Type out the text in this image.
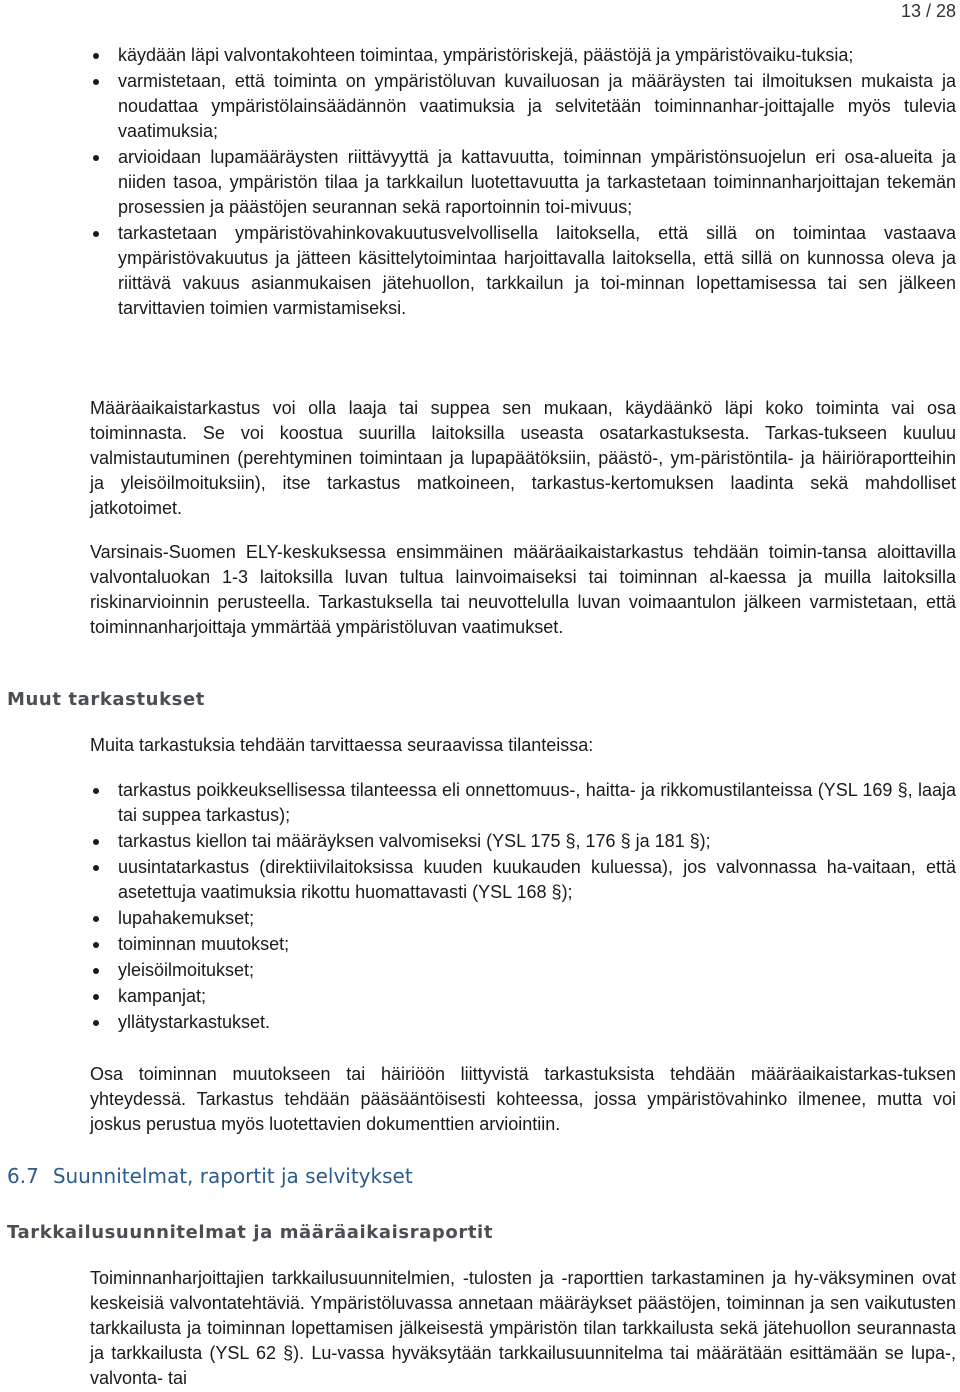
13 / 28
käydään läpi valvontakohteen toimintaa, ympäristöriskejä, päästöjä ja ympäristövaiku-tuksia;
varmistetaan, että toiminta on ympäristöluvan kuvailuosan ja määräysten tai ilmoituksen mukaista ja noudattaa ympäristölainsäädännön vaatimuksia ja selvitetään toiminnanhar-joittajalle myös tulevia vaatimuksia;
arvioidaan lupamääräysten riittävyyttä ja kattavuutta, toiminnan ympäristönsuojelun eri osa-alueita ja niiden tasoa, ympäristön tilaa ja tarkkailun luotettavuutta ja tarkastetaan toiminnanharjoittajan tekemän prosessien ja päästöjen seurannan sekä raportoinnin toi-mivuus;
tarkastetaan ympäristövahinkovakuutusvelvollisella laitoksella, että sillä on toimintaa vastaava ympäristövakuutus ja jätteen käsittelytoimintaa harjoittavalla laitoksella, että sillä on kunnossa oleva ja riittävä vakuus asianmukaisen jätehuollon, tarkkailun ja toi-minnan lopettamisessa tai sen jälkeen tarvittavien toimien varmistamiseksi.

Määräaikaistarkastus voi olla laaja tai suppea sen mukaan, käydäänkö läpi koko toiminta vai osa toiminnasta. Se voi koostua suurilla laitoksilla useasta osatarkastuksesta. Tarkas-tukseen kuuluu valmistautuminen (perehtyminen toimintaan ja lupapäätöksiin, päästö-, ym-päristöntila- ja häiriöraportteihin ja yleisöilmoituksiin), itse tarkastus matkoineen, tarkastus-kertomuksen laadinta sekä mahdolliset jatkotoimet.

Varsinais-Suomen ELY-keskuksessa ensimmäinen määräaikaistarkastus tehdään toimin-tansa aloittavilla valvontaluokan 1-3 laitoksilla luvan tultua lainvoimaiseksi tai toiminnan al-kaessa ja muilla laitoksilla riskinarvioinnin perusteella. Tarkastuksella tai neuvottelulla luvan voimaantulon jälkeen varmistetaan, että toiminnanharjoittaja ymmärtää ympäristöluvan vaatimukset.

Muut tarkastukset

Muita tarkastuksia tehdään tarvittaessa seuraavissa tilanteissa:

tarkastus poikkeuksellisessa tilanteessa eli onnettomuus-, haitta- ja rikkomustilanteissa (YSL 169 §, laaja tai suppea tarkastus);
tarkastus kiellon tai määräyksen valvomiseksi (YSL 175 §, 176 § ja 181 §);
uusintatarkastus (direktiivilaitoksissa kuuden kuukauden kuluessa), jos valvonnassa ha-vaitaan, että asetettuja vaatimuksia rikottu huomattavasti (YSL 168 §);
lupahakemukset;
toiminnan muutokset;
yleisöilmoitukset;
kampanjat;
yllätystarkastukset.

Osa toiminnan muutokseen tai häiriöön liittyvistä tarkastuksista tehdään määräaikaistarkas-tuksen yhteydessä. Tarkastus tehdään pääsääntöisesti kohteessa, jossa ympäristövahinko ilmenee, mutta voi joskus perustua myös luotettavien dokumenttien arviointiin.

6.7 Suunnitelmat, raportit ja selvitykset
Tarkkailusuunnitelmat ja määräaikaisraportit

Toiminnanharjoittajien tarkkailusuunnitelmien, -tulosten ja -raporttien tarkastaminen ja hy-väksyminen ovat keskeisiä valvontatehtäviä. Ympäristöluvassa annetaan määräykset päästöjen, toiminnan ja sen vaikutusten tarkkailusta ja toiminnan lopettamisen jälkeisestä ympäristön tilan tarkkailusta sekä jätehuollon seurannasta ja tarkkailusta (YSL 62 §). Lu-vassa hyväksytään tarkkailusuunnitelma tai määrätään esittämään se lupa-, valvonta- tai
